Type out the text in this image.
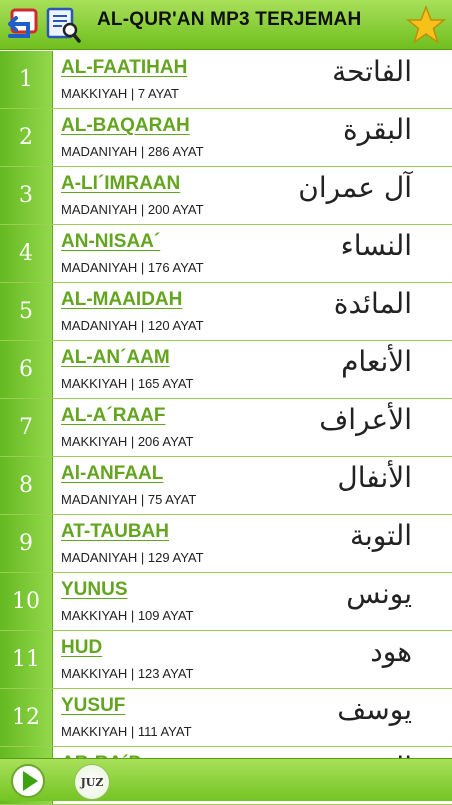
AL-QUR'AN MP3 TERJEMAH
1	AL-FAATIHAH
MAKKIYAH | 7 AYAT
الفاتحة
2	AL-BAQARAH
MADANIYAH | 286 AYAT
البقرة
3	A-LI´IMRAAN
MADANIYAH | 200 AYAT
آل عمران
4	AN-NISAA´
MADANIYAH | 176 AYAT
النساء
5	AL-MAAIDAH
MADANIYAH | 120 AYAT
المائدة
6	AL-AN´AAM
MAKKIYAH | 165 AYAT
الأنعام
7	AL-A´RAAF
MAKKIYAH | 206 AYAT
الأعراف
8	Al-ANFAAL
MADANIYAH | 75 AYAT
الأنفال
9	AT-TAUBAH
MADANIYAH | 129 AYAT
التوبة
10	YUNUS
MAKKIYAH | 109 AYAT
يونس
11	HUD
MAKKIYAH | 123 AYAT
هود
12	YUSUF
MAKKIYAH | 111 AYAT
يوسف
JUZ
